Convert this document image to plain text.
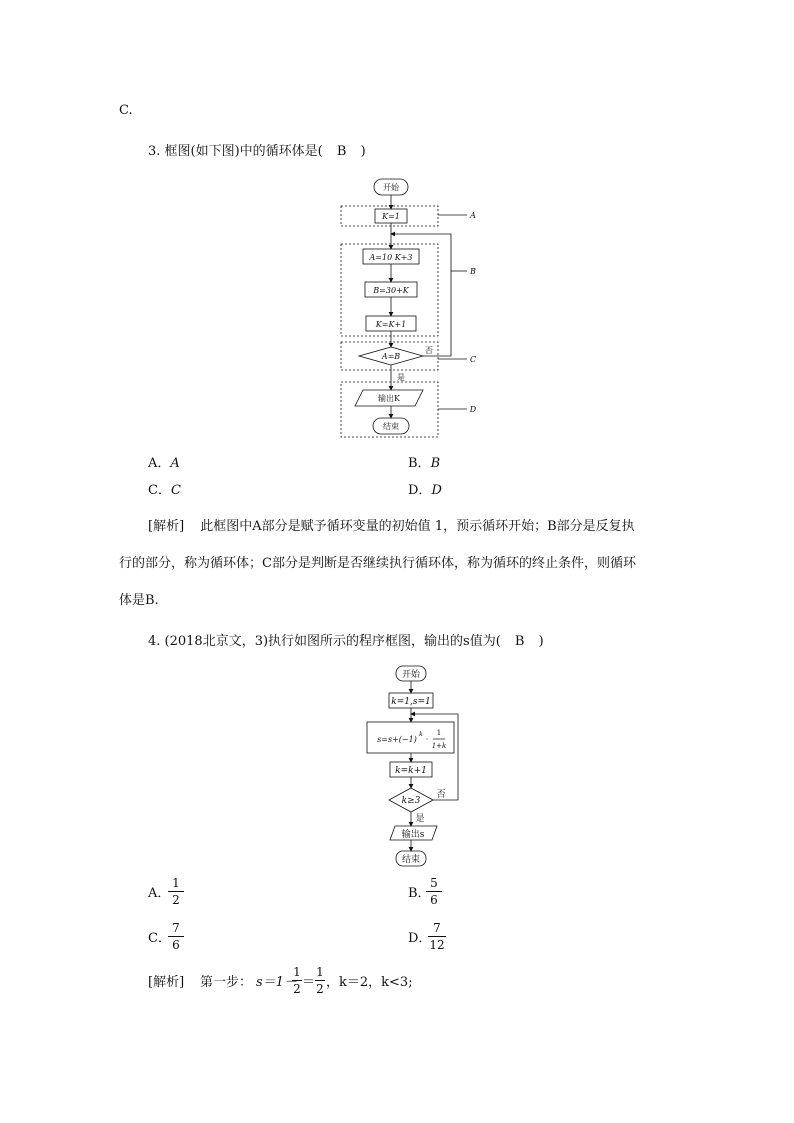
C.
3. 框图(如下图)中的循环体是( B )
开始
K=1
A=10 K+3
B=30+K
K=K+1
A=B
否
是
输出K
结束
A
B
C
D
A．A	B．B
C．C	D．D
[解析] 此框图中A部分是赋予循环变量的初始值 1，预示循环开始；B部分是反复执
行的部分，称为循环体；C部分是判断是否继续执行循环体，称为循环的终止条件，则循环
体是B.
4. (2018北京文，3)执行如图所示的程序框图，输出的s值为( B )
开始
k=1,s=1
s=s+(−1)
k
·
1
1+k
k=k+1
k≥3
否
是
输出s
结束
A．
1
2	B．
5
6
C．
7
6	D．
7
12
[解析] 第一步： s＝1－
1
2 ＝
1
2 ，k＝2，k<3;
